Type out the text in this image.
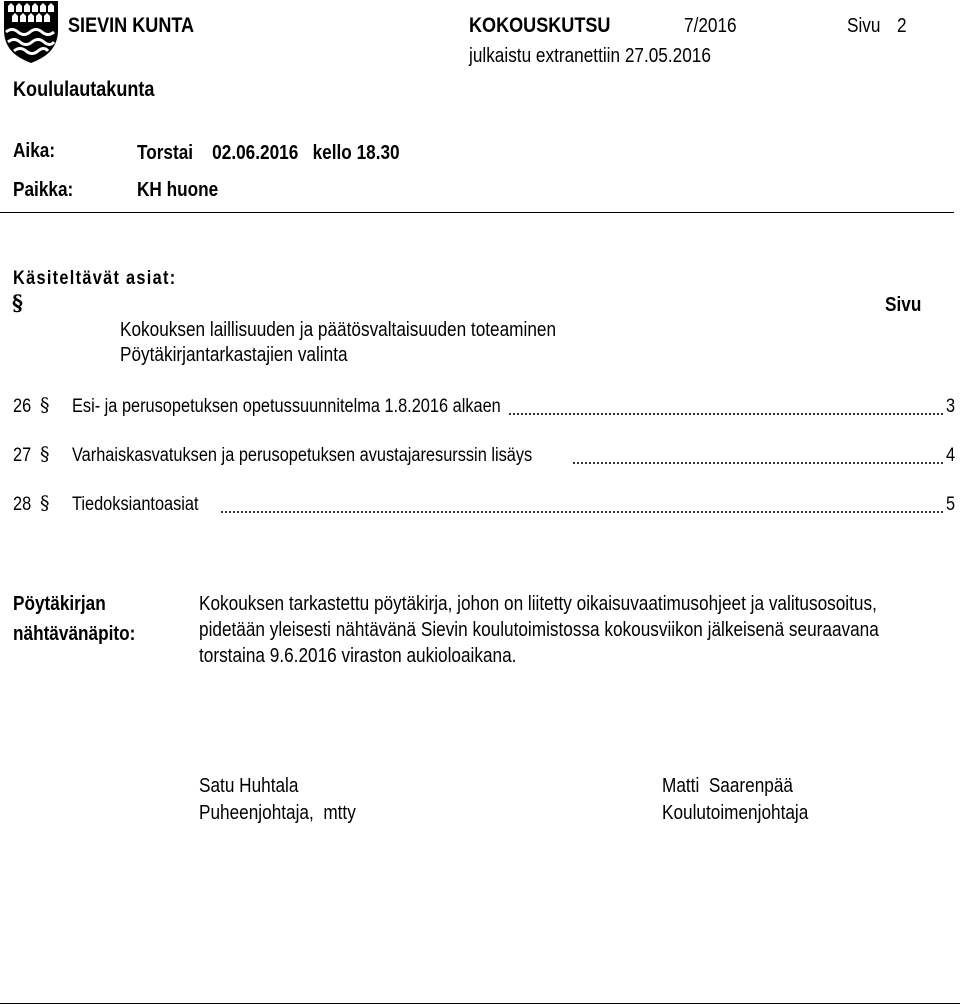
SIEVIN KUNTA
Koululautakunta
KOKOUSKUTSU	7/2016	Sivu 2
julkaistu extranettiin 27.05.2016
Aika:	Torstai    02.06.2016   kello 18.30
Paikka:	KH huone
Käsiteltävät asiat:
§	Sivu
Kokouksen laillisuuden ja päätösvaltaisuuden toteaminen
Pöytäkirjantarkastajien valinta
26 § Esi- ja perusopetuksen opetussuunnitelma 1.8.2016 alkaen	3
27 § Varhaiskasvatuksen ja perusopetuksen avustajaresurssin lisäys	4
28 § Tiedoksiantoasiat	5
Pöytäkirjan
nähtävänäpito:
Kokouksen tarkastettu pöytäkirja, johon on liitetty oikaisuvaatimusohjeet ja valitusosoitus,
pidetään yleisesti nähtävänä Sievin koulutoimistossa kokousviikon jälkeisenä seuraavana
torstaina 9.6.2016 viraston aukioloaikana.
Satu Huhtala
Puheenjohtaja,  mtty
Matti  Saarenpää
Koulutoimenjohtaja
